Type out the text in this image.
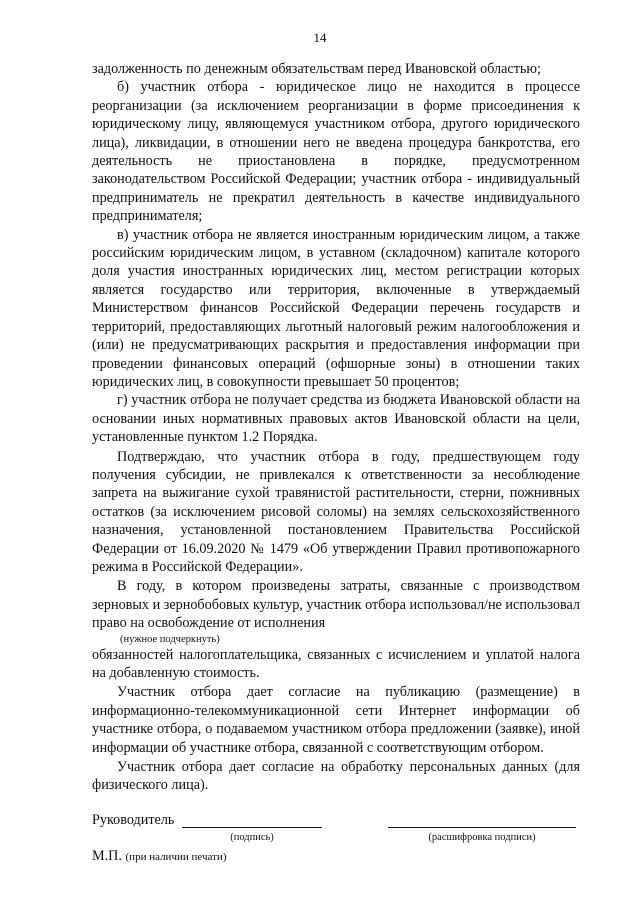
14

задолженность по денежным обязательствам перед Ивановской областью;

б) участник отбора - юридическое лицо не находится в процессе реорганизации (за исключением реорганизации в форме присоединения к юридическому лицу, являющемуся участником отбора, другого юридического лица), ликвидации, в отношении него не введена процедура банкротства, его деятельность не приостановлена в порядке, предусмотренном законодательством Российской Федерации; участник отбора - индивидуальный предприниматель не прекратил деятельность в качестве индивидуального предпринимателя;

в) участник отбора не является иностранным юридическим лицом, а также российским юридическим лицом, в уставном (складочном) капитале которого доля участия иностранных юридических лиц, местом регистрации которых является государство или территория, включенные в утверждаемый Министерством финансов Российской Федерации перечень государств и территорий, предоставляющих льготный налоговый режим налогообложения и (или) не предусматривающих раскрытия и предоставления информации при проведении финансовых операций (офшорные зоны) в отношении таких юридических лиц, в совокупности превышает 50 процентов;

г) участник отбора не получает средства из бюджета Ивановской области на основании иных нормативных правовых актов Ивановской области на цели, установленные пунктом 1.2 Порядка.

Подтверждаю, что участник отбора в году, предшествующем году получения субсидии, не привлекался к ответственности за несоблюдение запрета на выжигание сухой травянистой растительности, стерни, пожнивных остатков (за исключением рисовой соломы) на землях сельскохозяйственного назначения, установленной постановлением Правительства Российской Федерации от 16.09.2020 № 1479 «Об утверждении Правил противопожарного режима в Российской Федерации».

В году, в котором произведены затраты, связанные с производством зерновых и зернобобовых культур, участник отбора использовал/не использовал право на освобождение от исполнения

(нужное подчеркнуть)

обязанностей налогоплательщика, связанных с исчислением и уплатой налога на добавленную стоимость.

Участник отбора дает согласие на публикацию (размещение) в информационно-телекоммуникационной сети Интернет информации об участнике отбора, о подаваемом участником отбора предложении (заявке), иной информации об участнике отбора, связанной с соответствующим отбором.

Участник отбора дает согласие на обработку персональных данных (для физического лица).

Руководитель
(подпись)	(расшифровка подписи)
М.П. (при наличии печати)
